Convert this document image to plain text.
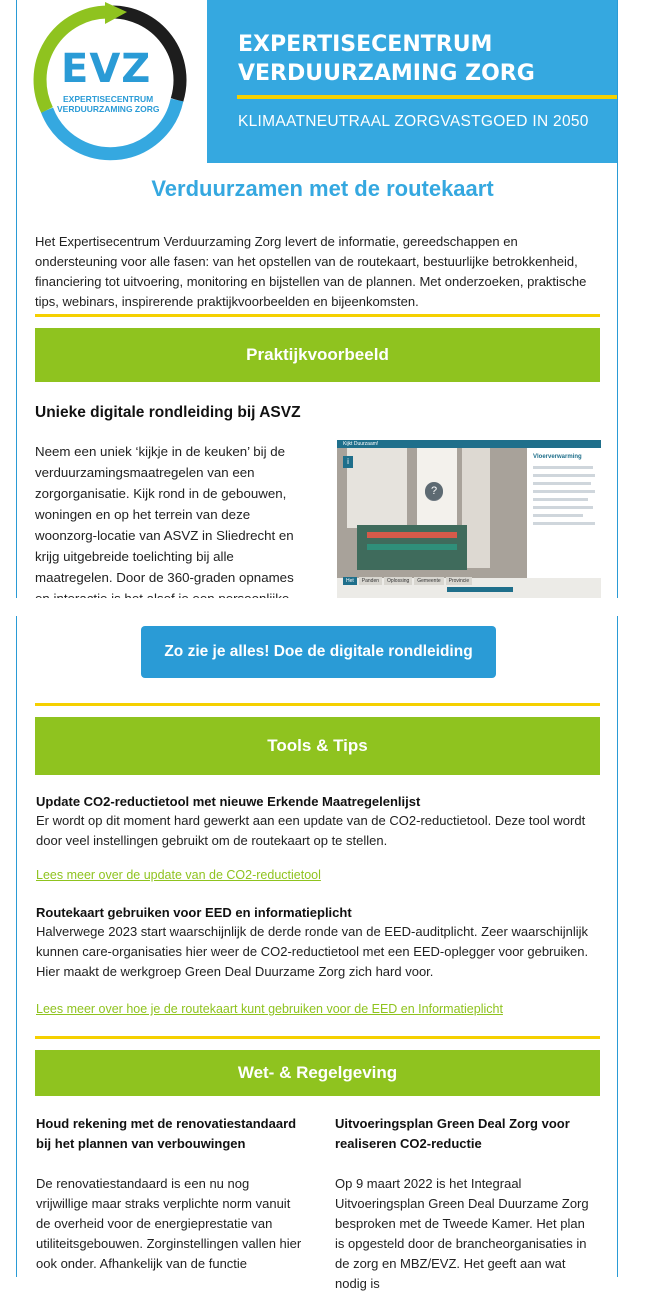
EVZ
EXPERTISECENTRUM
VERDUURZAMING ZORG
EXPERTISECENTRUM
VERDUURZAMING ZORG
KLIMAATNEUTRAAL ZORGVASTGOED IN 2050
Verduurzamen met de routekaart

Het Expertisecentrum Verduurzaming Zorg levert de informatie, gereedschappen en ondersteuning voor alle fasen: van het opstellen van de routekaart, bestuurlijke betrokkenheid, financiering tot uitvoering, monitoring en bijstellen van de plannen. Met onderzoeken, praktische tips, webinars, inspirerende praktijkvoorbeelden en bijeenkomsten.

Praktijkvoorbeeld
Unieke digitale rondleiding bij ASVZ

Neem een uniek ‘kijkje in de keuken’ bij de verduurzamingsmaatregelen van een zorgorganisatie. Kijk rond in de gebouwen, woningen en op het terrein van deze woonzorg-locatie van ASVZ in Sliedrecht en krijg uitgebreide toelichting bij alle maatregelen. Door de 360-graden opnames

Kijkt Duurzaam!
Vloerverwarming
i
?
Het	Panden	Oplossing	Gemeente	Provincie
Zo zie je alles! Doe de digitale rondleiding
Tools & Tips
Update CO2-reductietool met nieuwe Erkende Maatregelenlijst

Er wordt op dit moment hard gewerkt aan een update van de CO2-reductietool. Deze tool wordt door veel instellingen gebruikt om de routekaart op te stellen.

Lees meer over de update van de CO2-reductietool
Routekaart gebruiken voor EED en informatieplicht

Halverwege 2023 start waarschijnlijk de derde ronde van de EED-auditplicht. Zeer waarschijnlijk kunnen care-organisaties hier weer de CO2-reductietool met een EED-oplegger voor gebruiken. Hier maakt de werkgroep Green Deal Duurzame Zorg zich hard voor.

Lees meer over hoe je de routekaart kunt gebruiken voor de EED en Informatieplicht
Wet- & Regelgeving
Houd rekening met de renovatiestandaard bij het plannen van verbouwingen

De renovatiestandaard is een nu nog vrijwillige maar straks verplichte norm vanuit de overheid voor de energieprestatie van utiliteitsgebouwen. Zorginstellingen vallen hier ook onder. Afhankelijk van de functie

Uitvoeringsplan Green Deal Zorg voor realiseren CO2-reductie

Op 9 maart 2022 is het Integraal Uitvoeringsplan Green Deal Duurzame Zorg besproken met de Tweede Kamer. Het plan is opgesteld door de brancheorganisaties in de zorg en MBZ/EVZ. Het geeft aan wat nodig is
